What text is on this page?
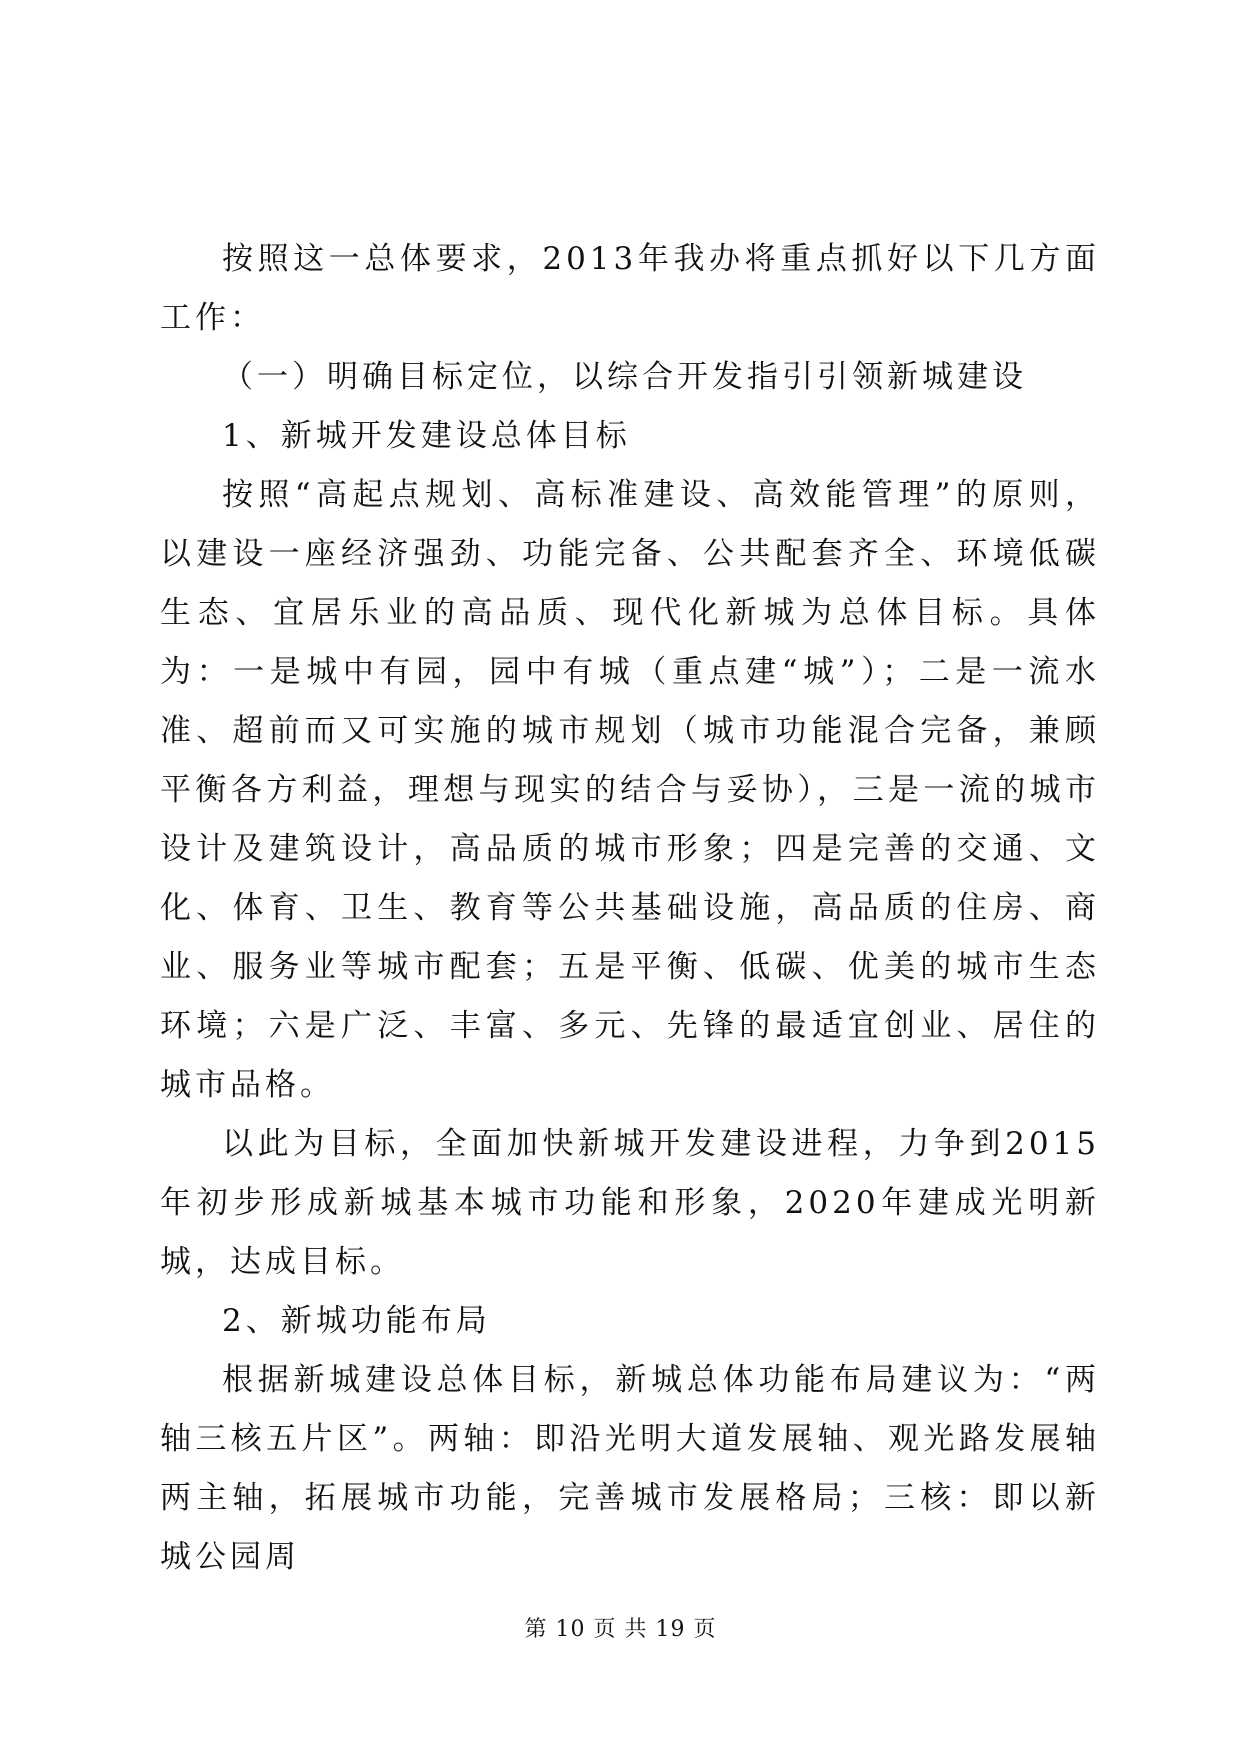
按照这一总体要求，2013年我办将重点抓好以下几方面工作：

（一）明确目标定位，以综合开发指引引领新城建设

1、新城开发建设总体目标

按照“高起点规划、高标准建设、高效能管理”的原则，以建设一座经济强劲、功能完备、公共配套齐全、环境低碳生态、宜居乐业的高品质、现代化新城为总体目标。具体为：一是城中有园，园中有城（重点建“城”）；二是一流水准、超前而又可实施的城市规划（城市功能混合完备，兼顾平衡各方利益，理想与现实的结合与妥协），三是一流的城市设计及建筑设计，高品质的城市形象；四是完善的交通、文化、体育、卫生、教育等公共基础设施，高品质的住房、商业、服务业等城市配套；五是平衡、低碳、优美的城市生态环境；六是广泛、丰富、多元、先锋的最适宜创业、居住的城市品格。

以此为目标，全面加快新城开发建设进程，力争到2015年初步形成新城基本城市功能和形象，2020年建成光明新城，达成目标。

2、新城功能布局

根据新城建设总体目标，新城总体功能布局建议为：“两轴三核五片区”。两轴：即沿光明大道发展轴、观光路发展轴两主轴，拓展城市功能，完善城市发展格局；三核：即以新城公园周

第 10 页 共 19 页
